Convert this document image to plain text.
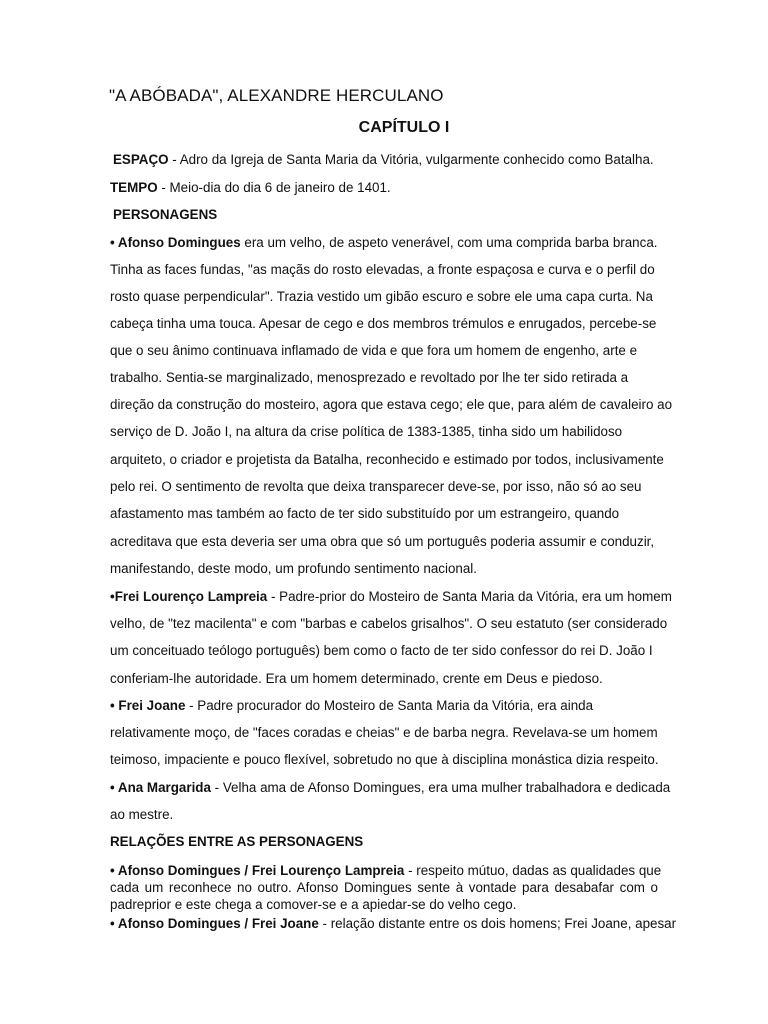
"A ABÓBADA", ALEXANDRE HERCULANO
CAPÍTULO I
ESPAÇO - Adro da Igreja de Santa Maria da Vitória, vulgarmente conhecido como Batalha.
TEMPO - Meio-dia do dia 6 de janeiro de 1401.
PERSONAGENS
• Afonso Domingues era um velho, de aspeto venerável, com uma comprida barba branca.
Tinha as faces fundas, "as maçãs do rosto elevadas, a fronte espaçosa e curva e o perfil do
rosto quase perpendicular". Trazia vestido um gibão escuro e sobre ele uma capa curta. Na
cabeça tinha uma touca. Apesar de cego e dos membros trémulos e enrugados, percebe-se
que o seu ânimo continuava inflamado de vida e que fora um homem de engenho, arte e
trabalho. Sentia-se marginalizado, menosprezado e revoltado por lhe ter sido retirada a
direção da construção do mosteiro, agora que estava cego; ele que, para além de cavaleiro ao
serviço de D. João I, na altura da crise política de 1383-1385, tinha sido um habilidoso
arquiteto, o criador e projetista da Batalha, reconhecido e estimado por todos, inclusivamente
pelo rei. O sentimento de revolta que deixa transparecer deve-se, por isso, não só ao seu
afastamento mas também ao facto de ter sido substituído por um estrangeiro, quando
acreditava que esta deveria ser uma obra que só um português poderia assumir e conduzir,
manifestando, deste modo, um profundo sentimento nacional.
•Frei Lourenço Lampreia - Padre-prior do Mosteiro de Santa Maria da Vitória, era um homem
velho, de "tez macilenta" e com "barbas e cabelos grisalhos". O seu estatuto (ser considerado
um conceituado teólogo português) bem como o facto de ter sido confessor do rei D. João I
conferiam-lhe autoridade. Era um homem determinado, crente em Deus e piedoso.
• Frei Joane - Padre procurador do Mosteiro de Santa Maria da Vitória, era ainda
relativamente moço, de "faces coradas e cheias" e de barba negra. Revelava-se um homem
teimoso, impaciente e pouco flexível, sobretudo no que à disciplina monástica dizia respeito.
• Ana Margarida - Velha ama de Afonso Domingues, era uma mulher trabalhadora e dedicada
ao mestre.
RELAÇÕES ENTRE AS PERSONAGENS
• Afonso Domingues / Frei Lourenço Lampreia - respeito mútuo, dadas as qualidades que
cada um reconhece no outro. Afonso Domingues sente à vontade para desabafar com o
padreprior e este chega a comover-se e a apiedar-se do velho cego.
• Afonso Domingues / Frei Joane - relação distante entre os dois homens; Frei Joane, apesar
